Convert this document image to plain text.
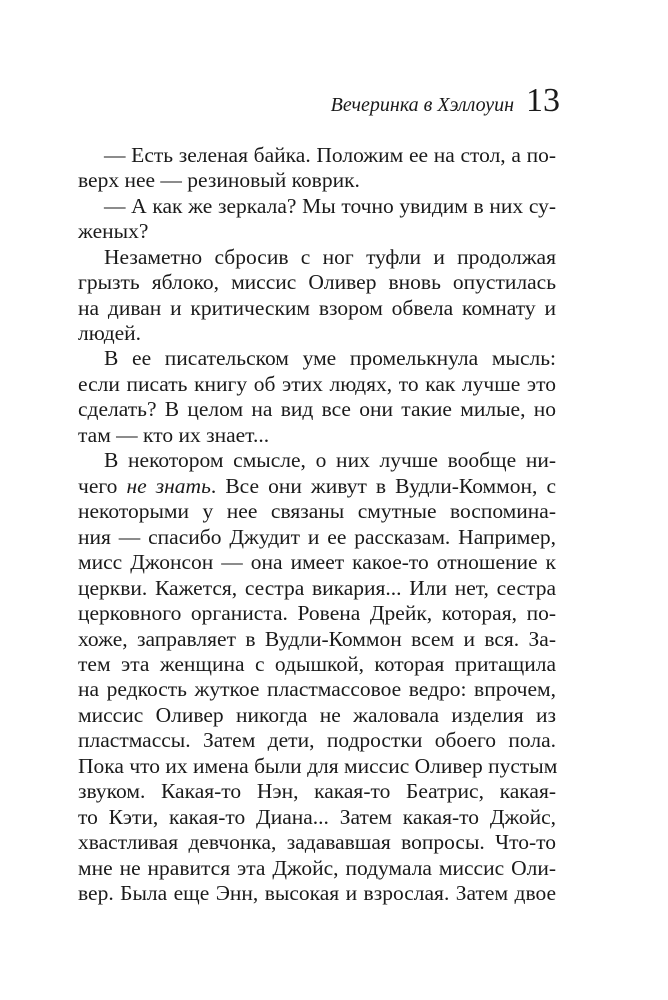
Вечеринка в Хэллоуин 13
— Есть зеленая байка. Положим ее на стол, а по-
верх нее — резиновый коврик.
— А как же зеркала? Мы точно увидим в них су-
женых?
Незаметно сбросив с ног туфли и продолжая
грызть яблоко, миссис Оливер вновь опустилась
на диван и критическим взором обвела комнату и
людей.
В ее писательском уме промелькнула мысль:
если писать книгу об этих людях, то как лучше это
сделать? В целом на вид все они такие милые, но
там — кто их знает...
В некотором смысле, о них лучше вообще ни-
чего не знать. Все они живут в Вудли-Коммон, с
некоторыми у нее связаны смутные воспомина-
ния — спасибо Джудит и ее рассказам. Например,
мисс Джонсон — она имеет какое-то отношение к
церкви. Кажется, сестра викария... Или нет, сестра
церковного органиста. Ровена Дрейк, которая, по-
хоже, заправляет в Вудли-Коммон всем и вся. За-
тем эта женщина с одышкой, которая притащила
на редкость жуткое пластмассовое ведро: впрочем,
миссис Оливер никогда не жаловала изделия из
пластмассы. Затем дети, подростки обоего пола.
Пока что их имена были для миссис Оливер пустым
звуком. Какая-то Нэн, какая-то Беатрис, какая-
то Кэти, какая-то Диана... Затем какая-то Джойс,
хвастливая девчонка, задававшая вопросы. Что-то
мне не нравится эта Джойс, подумала миссис Оли-
вер. Была еще Энн, высокая и взрослая. Затем двое
